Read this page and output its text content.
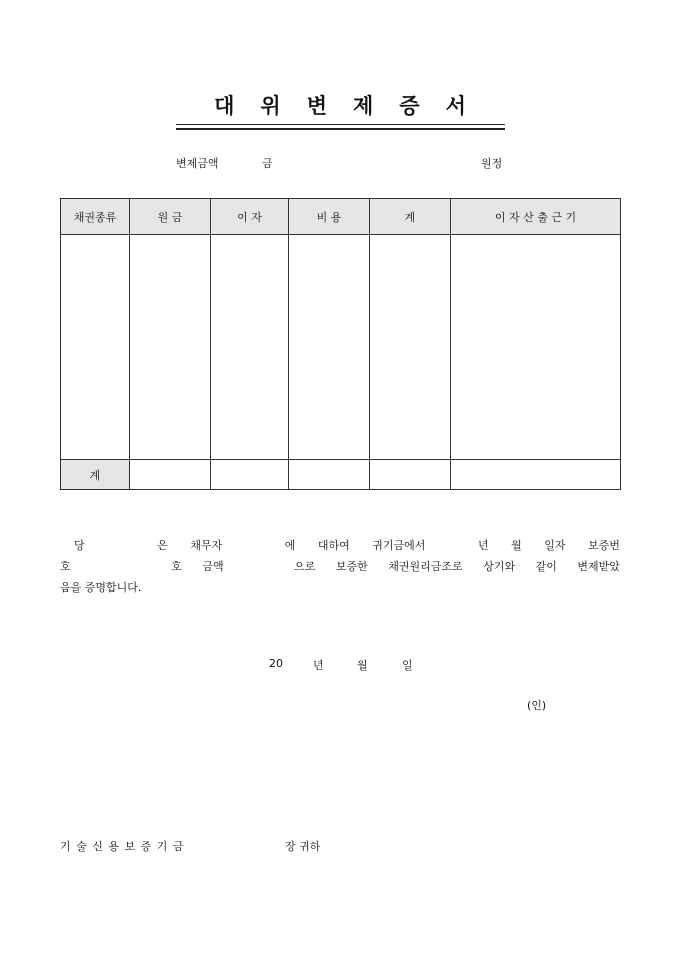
대 위 변 제 증 서
변제금액	금	원정
채권종류	원 금	이 자	비 용	계	이 자 산 출 근 기

계					
당	은 채무자	에 대하여 귀기금에서	년 월 일자 보증번
호	호 금액	으로 보증한 채권원리금조로 상기와 같이 변제받았
음을 증명합니다.
20	년	월	일
(인)
기 술 신 용 보 증 기 금	장 귀하
